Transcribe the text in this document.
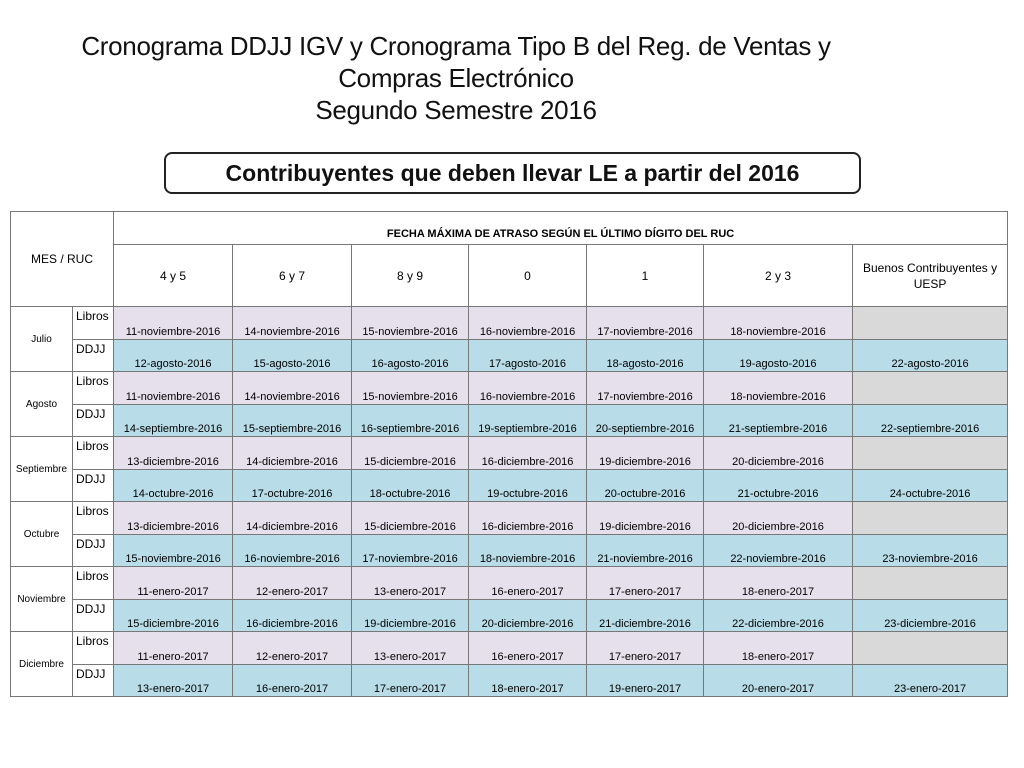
Cronograma DDJJ IGV y Cronograma Tipo B del Reg. de Ventas y
Compras Electrónico
Segundo Semestre 2016
Contribuyentes que deben llevar LE a partir del 2016
MES / RUC		FECHA MÁXIMA DE ATRASO SEGÚN EL ÚLTIMO DÍGITO DEL RUC						
		4 y 5	6 y 7	8 y 9	0	1	2 y 3	Buenos Contribuyentes y UESP
Julio	Libros	11-noviembre-2016	14-noviembre-2016	15-noviembre-2016	16-noviembre-2016	17-noviembre-2016	18-noviembre-2016	
	DDJJ	12-agosto-2016	15-agosto-2016	16-agosto-2016	17-agosto-2016	18-agosto-2016	19-agosto-2016	22-agosto-2016
Agosto	Libros	11-noviembre-2016	14-noviembre-2016	15-noviembre-2016	16-noviembre-2016	17-noviembre-2016	18-noviembre-2016	
	DDJJ	14-septiembre-2016	15-septiembre-2016	16-septiembre-2016	19-septiembre-2016	20-septiembre-2016	21-septiembre-2016	22-septiembre-2016
Septiembre	Libros	13-diciembre-2016	14-diciembre-2016	15-diciembre-2016	16-diciembre-2016	19-diciembre-2016	20-diciembre-2016	
	DDJJ	14-octubre-2016	17-octubre-2016	18-octubre-2016	19-octubre-2016	20-octubre-2016	21-octubre-2016	24-octubre-2016
Octubre	Libros	13-diciembre-2016	14-diciembre-2016	15-diciembre-2016	16-diciembre-2016	19-diciembre-2016	20-diciembre-2016	
	DDJJ	15-noviembre-2016	16-noviembre-2016	17-noviembre-2016	18-noviembre-2016	21-noviembre-2016	22-noviembre-2016	23-noviembre-2016
Noviembre	Libros	11-enero-2017	12-enero-2017	13-enero-2017	16-enero-2017	17-enero-2017	18-enero-2017	
	DDJJ	15-diciembre-2016	16-diciembre-2016	19-diciembre-2016	20-diciembre-2016	21-diciembre-2016	22-diciembre-2016	23-diciembre-2016
Diciembre	Libros	11-enero-2017	12-enero-2017	13-enero-2017	16-enero-2017	17-enero-2017	18-enero-2017	
	DDJJ	13-enero-2017	16-enero-2017	17-enero-2017	18-enero-2017	19-enero-2017	20-enero-2017	23-enero-2017
